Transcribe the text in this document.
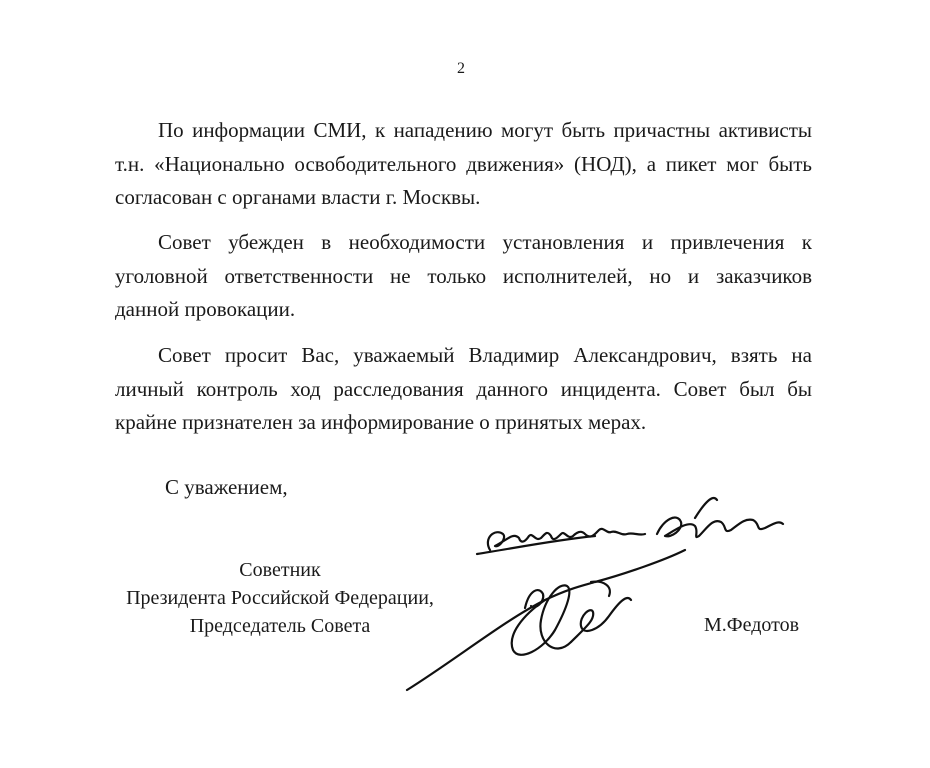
2
По информации СМИ, к нападению могут быть причастны активисты
т.н. «Национально освободительного движения» (НОД), а пикет мог быть
согласован с органами власти г. Москвы.
Совет убежден в необходимости установления и привлечения к
уголовной ответственности не только исполнителей, но и заказчиков
данной провокации.
Совет просит Вас, уважаемый Владимир Александрович, взять на
личный контроль ход расследования данного инцидента. Совет был бы
крайне признателен за информирование о принятых мерах.
С уважением,
Советник
Президента Российской Федерации,
Председатель Совета	М.Федотов
